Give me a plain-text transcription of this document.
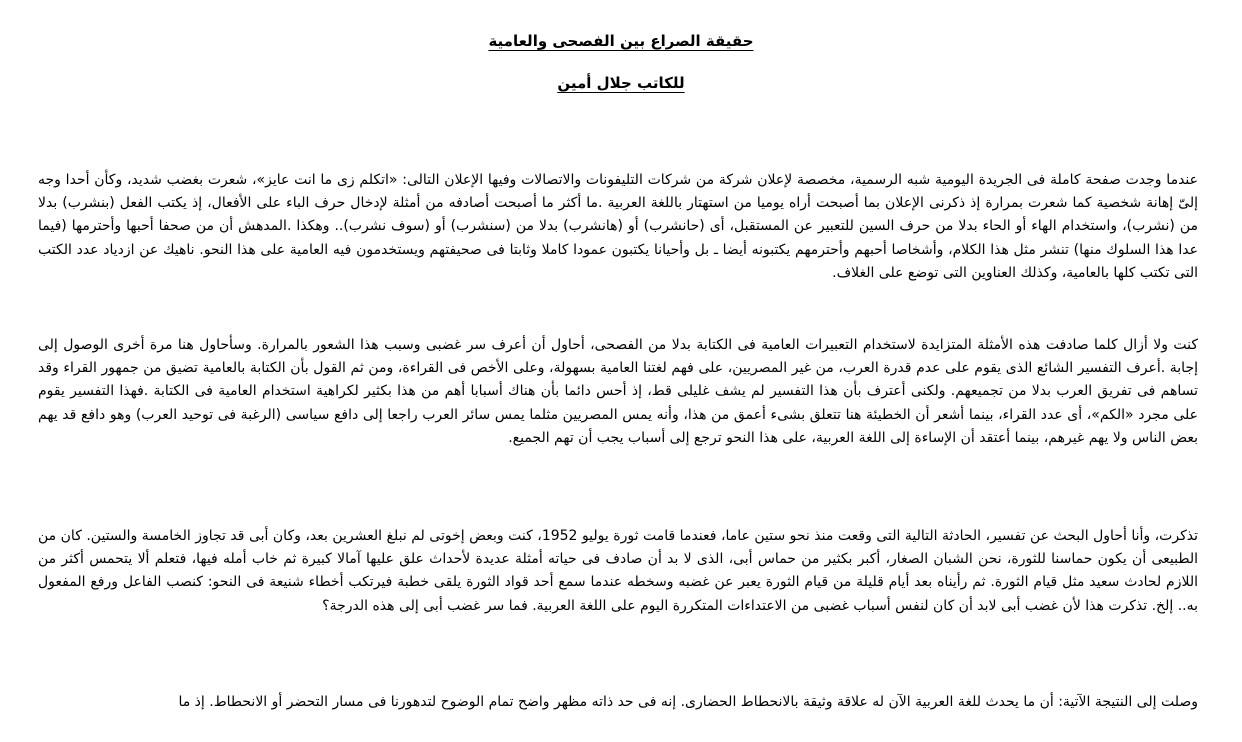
حقيقة الصراع بين الفصحى والعامية
للكاتب جلال أمين

عندما وجدت صفحة كاملة فى الجريدة اليومية شبه الرسمية، مخصصة لإعلان شركة من شركات التليفونات والاتصالات وفيها الإعلان التالى: «اتكلم زى ما انت عايز»، شعرت بغضب شديد، وكأن أحدا وجه إلىّ إهانة شخصية كما شعرت بمرارة إذ ذكرنى الإعلان بما أصبحت أراه يوميا من استهتار باللغة العربية .ما أكثر ما أصبحت أصادفه من أمثلة لإدخال حرف الباء على الأفعال، إذ يكتب الفعل (بنشرب) بدلا من (نشرب)، واستخدام الهاء أو الحاء بدلا من حرف السين للتعبير عن المستقبل، أى (حانشرب) أو (هانشرب) بدلا من (سنشرب) أو (سوف نشرب).. وهكذا .المدهش أن من صحفا أحبها وأحترمها (فيما عدا هذا السلوك منها) تنشر مثل هذا الكلام، وأشخاصا أحبهم وأحترمهم يكتبونه أيضا ـ بل وأحيانا يكتبون عمودا كاملا وثابتا فى صحيفتهم ويستخدمون فيه العامية على هذا النحو. ناهيك عن ازدياد عدد الكتب التى تكتب كلها بالعامية، وكذلك العناوين التى توضع على الغلاف.

كنت ولا أزال كلما صادفت هذه الأمثلة المتزايدة لاستخدام التعبيرات العامية فى الكتابة بدلا من الفصحى، أحاول أن أعرف سر غضبى وسبب هذا الشعور بالمرارة. وسأحاول هنا مرة أخرى الوصول إلى إجابة .أعرف التفسير الشائع الذى يقوم على عدم قدرة العرب، من غير المصريين، على فهم لغتنا العامية بسهولة، وعلى الأخص فى القراءة، ومن ثم القول بأن الكتابة بالعامية تضيق من جمهور القراء وقد تساهم فى تفريق العرب بدلا من تجميعهم. ولكنى أعترف بأن هذا التفسير لم يشف غليلى قط، إذ أحس دائما بأن هناك أسبابا أهم من هذا بكثير لكراهية استخدام العامية فى الكتابة .فهذا التفسير يقوم على مجرد «الكم»، أى عدد القراء، بينما أشعر أن الخطيئة هنا تتعلق بشىء أعمق من هذا، وأنه يمس المصريين مثلما يمس سائر العرب راجعا إلى دافع سياسى (الرغبة فى توحيد العرب) وهو دافع قد يهم بعض الناس ولا يهم غيرهم، بينما أعتقد أن الإساءة إلى اللغة العربية، على هذا النحو ترجع إلى أسباب يجب أن تهم الجميع.

تذكرت، وأنا أحاول البحث عن تفسير، الحادثة التالية التى وقعت منذ نحو ستين عاما، فعندما قامت ثورة يوليو 1952، كنت وبعض إخوتى لم نبلغ العشرين بعد، وكان أبى قد تجاوز الخامسة والستين. كان من الطبيعى أن يكون حماسنا للثورة، نحن الشبان الصغار، أكبر بكثير من حماس أبى، الذى لا بد أن صادف فى حياته أمثلة عديدة لأحداث علق عليها آمالا كبيرة ثم خاب أمله فيها، فتعلم ألا يتحمس أكثر من اللازم لحادث سعيد مثل قيام الثورة. ثم رأيناه بعد أيام قليلة من قيام الثورة يعبر عن غضبه وسخطه عندما سمع أحد قواد الثورة يلقى خطبة فيرتكب أخطاء شنيعة فى النحو: كنصب الفاعل ورفع المفعول به.. إلخ. تذكرت هذا لأن غضب أبى لابد أن كان لنفس أسباب غضبى من الاعتداءات المتكررة اليوم على اللغة العربية. فما سر غضب أبى إلى هذه الدرجة؟

وصلت إلى النتيجة الآتية: أن ما يحدث للغة العربية الآن له علاقة وثيقة بالانحطاط الحضارى. إنه فى حد ذاته مظهر واضح تمام الوضوح لتدهورنا فى مسار التحضر أو الانحطاط. إذ ما
